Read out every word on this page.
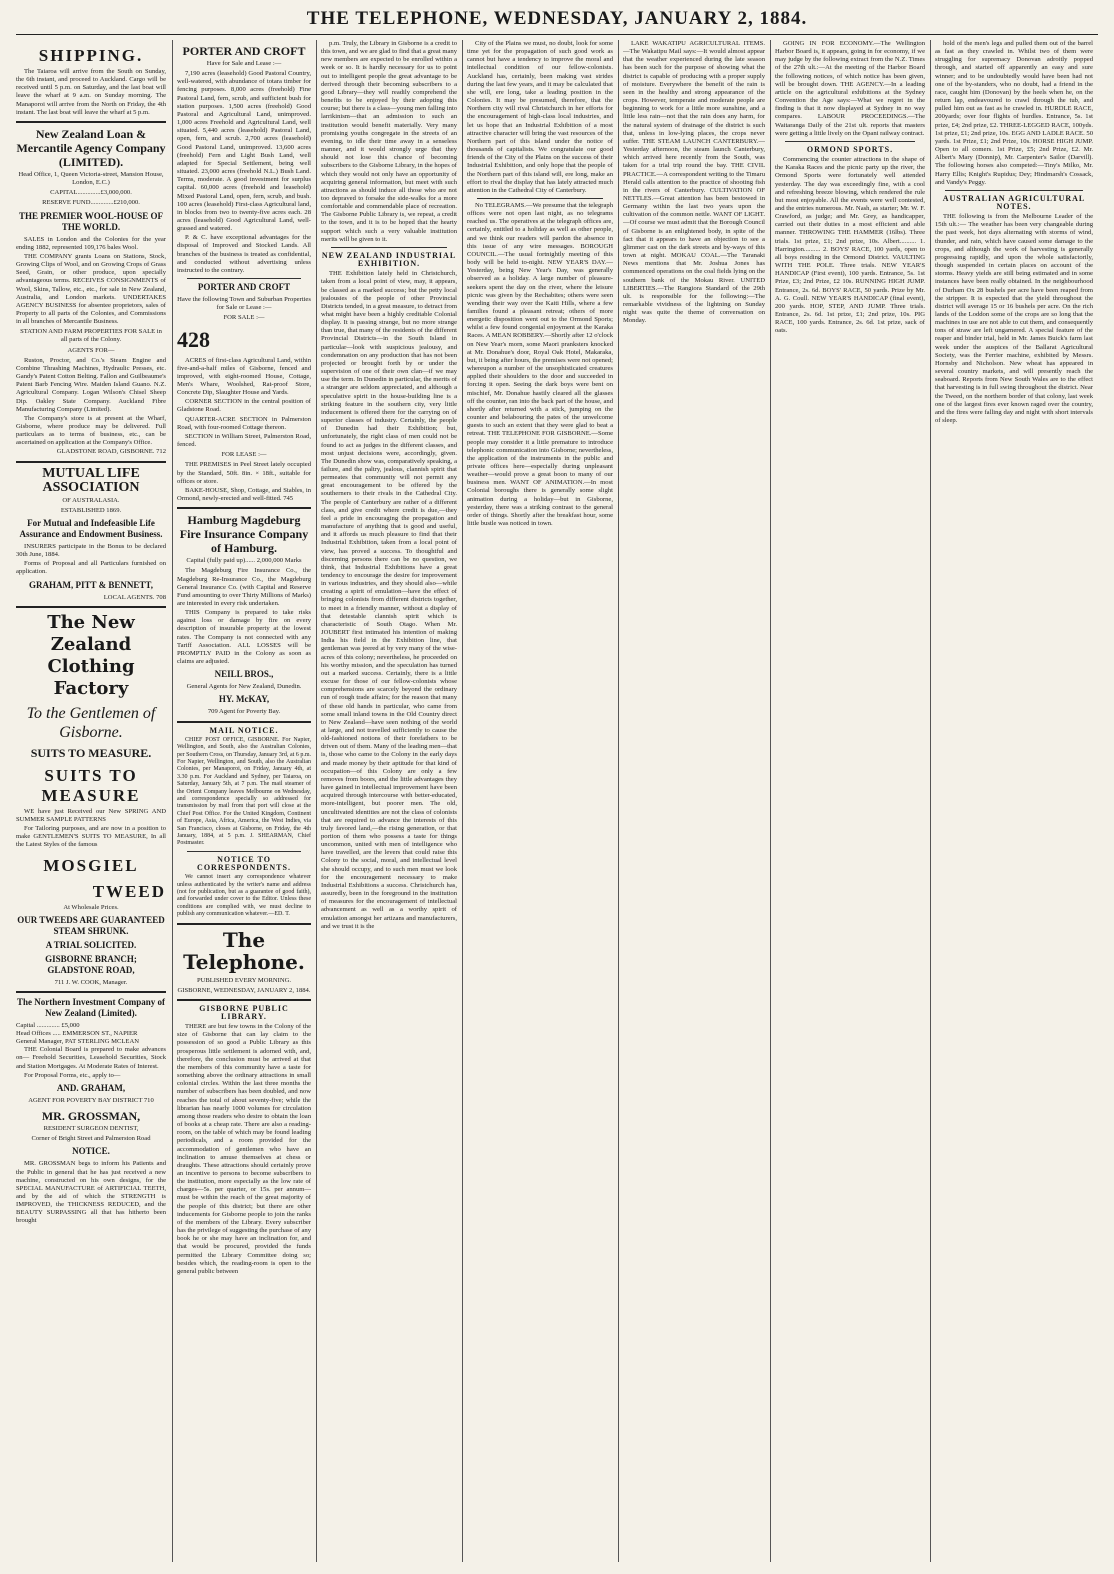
THE TELEPHONE, WEDNESDAY, JANUARY 2, 1884.
SHIPPING.

The Taiaroa will arrive from the South on Sunday, the 6th instant, and proceed to Auckland. Cargo will be received until 5 p.m. on Saturday, and the last boat will leave the wharf at 9 a.m. on Sunday morning. The Manaporoi will arrive from the North on Friday, the 4th instant. The last boat will leave the wharf at 5 p.m.

New Zealand Loan & Mercantile Agency Company (LIMITED).
Head Office, 1, Queen Victoria-street, Mansion House, London, E.C.)
CAPITAL..............£3,000,000.
RESERVE FUND..............£210,000.
THE PREMIER WOOL-HOUSE OF THE WORLD.

SALES in London and the Colonies for the year ending 1882, represented 109,176 bales Wool.

THE COMPANY grants Loans on Stations, Stock, Growing Clips of Wool, and on Growing Crops of Grass Seed, Grain, or other produce, upon specially advantageous terms. RECEIVES CONSIGNMENTS of Wool, Skins, Tallow, etc., etc., for sale in New Zealand, Australia, and London markets. UNDERTAKES AGENCY BUSINESS for absentee proprietors, sales of Property to all parts of the Colonies, and Commissions in all branches of Mercantile Business.

STATION AND FARM PROPERTIES FOR SALE in all parts of the Colony.
AGENTS FOR—

Ruston, Proctor, and Co.'s Steam Engine and Combine Thrashing Machines, Hydraulic Presses, etc. Gandy's Patent Cotton Belting. Fallon and Guilbeaume's Patent Barb Fencing Wire. Maiden Island Guano. N.Z. Agricultural Company. Logan Wilson's Chisel Sheep Dip. Oakley State Company. Auckland Fibre Manufacturing Company (Limited).

The Company's store is at present at the Wharf, Gisborne, where produce may be delivered. Full particulars as to terms of business, etc., can be ascertained on application at the Company's Office.

GLADSTONE ROAD, GISBORNE. 712
MUTUAL LIFE ASSOCIATION
OF AUSTRALASIA.
ESTABLISHED 1869.
For Mutual and Indefeasible Life Assurance and Endowment Business.

INSURERS participate in the Bonus to be declared 30th June, 1884.

Forms of Proposal and all Particulars furnished on application.

GRAHAM, PITT & BENNETT,
LOCAL AGENTS. 708
The New Zealand Clothing Factory
To the Gentlemen of Gisborne.
SUITS TO MEASURE.
SUITS TO MEASURE

WE have just Received our New SPRING AND SUMMER SAMPLE PATTERNS

For Tailoring purposes, and are now in a position to make GENTLEMEN'S SUITS TO MEASURE, In all the Latest Styles of the famous

MOSGIEL
TWEED
At Wholesale Prices.
OUR TWEEDS ARE GUARANTEED STEAM SHRUNK.
A TRIAL SOLICITED.
GISBORNE BRANCH; GLADSTONE ROAD,
711 J. W. COOK, Manager.
The Northern Investment Company of New Zealand (Limited).
Capital .............. £5,000
Head Offices ..... EMMERSON ST., NAPIER
General Manager, PAT STERLING MCLEAN

THE Colonial Board is prepared to make advances on— Freehold Securities, Leasehold Securities, Stock and Station Mortgages. At Moderate Rates of Interest.

For Proposal Forms, etc., apply to—

AND. GRAHAM,
AGENT FOR POVERTY BAY DISTRICT 710
MR. GROSSMAN,
RESIDENT SURGEON DENTIST,
Corner of Bright Street and Palmerston Road
NOTICE.

MR. GROSSMAN begs to inform his Patients and the Public in general that he has just received a new machine, constructed on his own designs, for the SPECIAL MANUFACTURE of ARTIFICIAL TEETH, and by the aid of which the STRENGTH is IMPROVED, the THICKNESS REDUCED, and the BEAUTY SURPASSING all that has hitherto been brought

PORTER AND CROFT
Have for Sale and Lease :—

7,190 acres (leasehold) Good Pastoral Country, well-watered, with abundance of totara timber for fencing purposes. 8,000 acres (freehold) Fine Pastoral Land, fern, scrub, and sufficient bush for station purposes. 1,500 acres (freehold) Good Pastoral and Agricultural Land, unimproved. 1,000 acres Freehold and Agricultural Land, well situated. 5,440 acres (leasehold) Pastoral Land, open, fern, and scrub. 2,700 acres (leasehold) Good Pastoral Land, unimproved. 13,600 acres (freehold) Fern and Light Bush Land, well adapted for Special Settlement, being well situated. 23,000 acres (freehold N.L.) Bush Land. Terms, moderate. A good investment for surplus capital. 60,000 acres (freehold and leasehold) Mixed Pastoral Land, open, fern, scrub, and bush. 100 acres (leasehold) First-class Agricultural land, in blocks from two to twenty-five acres each. 28 acres (leasehold) Good Agricultural Land, well-grassed and watered.

P. & C. have exceptional advantages for the disposal of Improved and Stocked Lands. All branches of the business is treated as confidential, and conducted without advertising unless instructed to the contrary.

PORTER AND CROFT
Have the following Town and Suburban Properties for Sale or Lease :—
FOR SALE :—
428

ACRES of first-class Agricultural Land, within five-and-a-half miles of Gisborne, fenced and improved, with eight-roomed House, Cottage, Men's Whare, Woolshed, Rat-proof Store, Concrete Dip, Slaughter House and Yards.

CORNER SECTION in the central position of Gladstone Road.

QUARTER-ACRE SECTION in Palmerston Road, with four-roomed Cottage thereon.

SECTION in William Street, Palmerston Road, fenced.

FOR LEASE :—

THE PREMISES in Peel Street lately occupied by the Standard, 50ft. 8in. × 18ft., suitable for offices or store.

BAKE-HOUSE, Shop, Cottage, and Stables, in Ormond, newly-erected and well-fitted. 745

Hamburg Magdeburg Fire Insurance Company of Hamburg.
Capital (fully paid up)...... 2,000,000 Marks

The Magdeburg Fire Insurance Co., the Magdeburg Re-Insurance Co., the Magdeburg General Insurance Co. (with Capital and Reserve Fund amounting to over Thirty Millions of Marks) are interested in every risk undertaken.

THIS Company is prepared to take risks against loss or damage by fire on every description of insurable property at the lowest rates. The Company is not connected with any Tariff Association. ALL LOSSES will be PROMPTLY PAID in the Colony as soon as claims are adjusted.

NEILL BROS.,
General Agents for New Zealand, Dunedin.
HY. McKAY,
709 Agent for Poverty Bay.
MAIL NOTICE.

CHIEF POST OFFICE, GISBORNE. For Napier, Wellington, and South, also the Australian Colonies, per Southern Cross, on Thursday, January 3rd, at 6 p.m. For Napier, Wellington, and South, also the Australian Colonies, per Manaporoi, on Friday, January 4th, at 3.30 p.m. For Auckland and Sydney, per Taiaroa, on Saturday, January 5th, at 7 p.m. The mail steamer of the Orient Company leaves Melbourne on Wednesday, and correspondence specially so addressed for transmission by mail from that port will close at the Chief Post Office. For the United Kingdom, Continent of Europe, Asia, Africa, America, the West Indies, via San Francisco, closes at Gisborne, on Friday, the 4th January, 1884, at 5 p.m. J. SHEARMAN, Chief Postmaster.

NOTICE TO CORRESPONDENTS.

We cannot insert any correspondence whatever unless authenticated by the writer's name and address (not for publication, but as a guarantee of good faith), and forwarded under cover to the Editor. Unless these conditions are complied with, we must decline to publish any communication whatever.—ED. T.

The Telephone.
PUBLISHED EVERY MORNING.
GISBORNE, WEDNESDAY, JANUARY 2, 1884.
GISBORNE PUBLIC LIBRARY.

THERE are but few towns in the Colony of the size of Gisborne that can lay claim to the possession of so good a Public Library as this prosperous little settlement is adorned with, and, therefore, the conclusion must be arrived at that the members of this community have a taste for something above the ordinary attractions in small colonial circles. Within the last three months the number of subscribers has been doubled, and now reaches the total of about seventy-five; while the librarian has nearly 1000 volumes for circulation among those readers who desire to obtain the loan of books at a cheap rate. There are also a reading-room, on the table of which may be found leading periodicals, and a room provided for the accommodation of gentlemen who have an inclination to amuse themselves at chess or draughts. These attractions should certainly prove an incentive to persons to become subscribers to the institution, more especially as the low rate of charges—5s. per quarter, or 15s. per annum—must be within the reach of the great majority of the people of this district; but there are other inducements for Gisborne people to join the ranks of the members of the Library. Every subscriber has the privilege of suggesting the purchase of any book he or she may have an inclination for, and that would be procured, provided the funds permitted the Library Committee doing so; besides which, the reading-room is open to the general public between

p.m. Truly, the Library in Gisborne is a credit to this town, and we are glad to find that a great many new members are expected to be enrolled within a week or so. It is hardly necessary for us to point out to intelligent people the great advantage to be derived through their becoming subscribers to a good Library—they will readily comprehend the benefits to be enjoyed by their adopting this course; but there is a class—young men falling into larrikinism—that an admission to such an institution would benefit materially. Very many promising youths congregate in the streets of an evening, to idle their time away in a senseless manner, and it would strongly urge that they should not lose this chance of becoming subscribers to the Gisborne Library, in the hopes of which they would not only have an opportunity of acquiring general information, but meet with such attractions as should induce all those who are not too depraved to forsake the side-walks for a more comfortable and commendable place of recreation. The Gisborne Public Library is, we repeat, a credit to the town, and it is to be hoped that the hearty support which such a very valuable institution merits will be given to it.

NEW ZEALAND INDUSTRIAL EXHIBITION.

THE Exhibition lately held in Christchurch, taken from a local point of view, may, it appears, be classed as a marked success; but the petty local jealousies of the people of other Provincial Districts tended, in a great measure, to detract from what might have been a highly creditable Colonial display. It is passing strange, but no more strange than true, that many of the residents of the different Provincial Districts—in the South Island in particular—look with suspicious jealousy, and condemnation on any production that has not been projected or brought forth by or under the supervision of one of their own clan—if we may use the term. In Dunedin in particular, the merits of a stranger are seldom appreciated, and although a speculative spirit in the house-building line is a striking feature in the southern city, very little inducement is offered there for the carrying on of superior classes of industry. Certainly, the people of Dunedin had their Exhibition; but, unfortunately, the right class of men could not be found to act as judges in the different classes, and most unjust decisions were, accordingly, given. The Dunedin show was, comparatively speaking, a failure, and the paltry, jealous, clannish spirit that permeates that community will not permit any great encouragement to be offered by the southerners to their rivals in the Cathedral City. The people of Canterbury are rather of a different class, and give credit where credit is due,—they feel a pride in encouraging the propagation and manufacture of anything that is good and useful, and it affords us much pleasure to find that their Industrial Exhibition, taken from a local point of view, has proved a success. To thoughtful and discerning persons there can be no question, we think, that Industrial Exhibitions have a great tendency to encourage the desire for improvement in various industries, and they should also—while creating a spirit of emulation—have the effect of bringing colonists from different districts together, to meet in a friendly manner, without a display of that detestable clannish spirit which is characteristic of South Otago. When Mr. JOUBERT first intimated his intention of making India his field in the Exhibition line, that gentleman was jeered at by very many of the wise-acres of this colony; nevertheless, he proceeded on his worthy mission, and the speculation has turned out a marked success. Certainly, there is a little excuse for those of our fellow-colonists whose comprehensions are scarcely beyond the ordinary run of rough trade affairs; for the reason that many of these old hands in particular, who came from some small inland towns in the Old Country direct to New Zealand—have seen nothing of the world at large, and not travelled sufficiently to cause the old-fashioned notions of their forefathers to be driven out of them. Many of the leading men—that is, those who came to the Colony in the early days and made money by their aptitude for that kind of occupation—of this Colony are only a few removes from boors, and the little advantages they have gained in intellectual improvement have been acquired through intercourse with better-educated, more-intelligent, but poorer men. The old, uncultivated identities are not the class of colonists that are required to advance the interests of this truly favored land,—the rising generation, or that portion of them who possess a taste for things uncommon, united with men of intelligence who have travelled, are the levers that could raise this Colony to the social, moral, and intellectual level she should occupy, and to such men must we look for the encouragement necessary to make Industrial Exhibitions a success. Christchurch has, assuredly, been in the foreground in the institution of measures for the encouragement of intellectual advancement as well as a worthy spirit of emulation amongst her artizans and manufacturers, and we trust it is the

City of the Plains we must, no doubt, look for some time yet for the propagation of such good work as cannot but have a tendency to improve the moral and intellectual condition of our fellow-colonists. Auckland has, certainly, been making vast strides during the last few years, and it may be calculated that she will, ere long, take a leading position in the Colonies. It may be presumed, therefore, that the Northern city will rival Christchurch in her efforts for the encouragement of high-class local industries, and let us hope that an Industrial Exhibition of a most attractive character will bring the vast resources of the Northern part of this island under the notice of thousands of capitalists. We congratulate our good friends of the City of the Plains on the success of their Industrial Exhibition, and only hope that the people of the Northern part of this island will, ere long, make an effort to rival the display that has lately attracted much attention in the Cathedral City of Canterbury.

No TELEGRAMS.—We presume that the telegraph offices were not open last night, as no telegrams reached us. The operatives at the telegraph offices are, certainly, entitled to a holiday as well as other people, and we think our readers will pardon the absence in this issue of any wire messages. BOROUGH COUNCIL.—The usual fortnightly meeting of this body will be held to-night. NEW YEAR'S DAY.—Yesterday, being New Year's Day, was generally observed as a holiday. A large number of pleasure-seekers spent the day on the river, where the leisure picnic was given by the Rechabites; others were seen wending their way over the Kaiti Hills, where a few families found a pleasant retreat; others of more energetic disposition went out to the Ormond Sports; whilst a few found congenial enjoyment at the Karaka Races. A MEAN ROBBERY.—Shortly after 12 o'clock on New Year's morn, some Maori pranksters knocked at Mr. Donahue's door, Royal Oak Hotel, Makaraka, but, it being after hours, the premises were not opened; whereupon a number of the unsophisticated creatures applied their shoulders to the door and succeeded in forcing it open. Seeing the dark boys were bent on mischief, Mr. Donahue hastily cleared all the glasses off the counter, ran into the back part of the house, and shortly after returned with a stick, jumping on the counter and belabouring the pates of the unwelcome guests to such an extent that they were glad to beat a retreat. THE TELEPHONE FOR GISBORNE.—Some people may consider it a little premature to introduce telephonic communication into Gisborne; nevertheless, the application of the instruments in the public and private offices here—especially during unpleasant weather—would prove a great boon to many of our business men. WANT OF ANIMATION.—In most Colonial boroughs there is generally some slight animation during a holiday—but in Gisborne, yesterday, there was a striking contrast to the general order of things. Shortly after the breakfast hour, some little bustle was noticed in town.

LAKE WAKATIPU AGRICULTURAL ITEMS.—The Wakatipu Mail says:—It would almost appear that the weather experienced during the late season has been such for the purpose of showing what the district is capable of producing with a proper supply of moisture. Everywhere the benefit of the rain is seen in the healthy and strong appearance of the crops. However, temperate and moderate people are beginning to work for a little more sunshine, and a little less rain—not that the rain does any harm, for the natural system of drainage of the district is such that, unless in low-lying places, the crops never suffer. THE STEAM LAUNCH CANTERBURY.—Yesterday afternoon, the steam launch Canterbury, which arrived here recently from the South, was taken for a trial trip round the bay. THE CIVIL PRACTICE.—A correspondent writing to the Timaru Herald calls attention to the practice of shooting fish in the rivers of Canterbury. CULTIVATION OF NETTLES.—Great attention has been bestowed in Germany within the last two years upon the cultivation of the common nettle. WANT OF LIGHT.—Of course we must admit that the Borough Council of Gisborne is an enlightened body, in spite of the fact that it appears to have an objection to see a glimmer cast on the dark streets and by-ways of this town at night. MOKAU COAL.—The Taranaki News mentions that Mr. Joshua Jones has commenced operations on the coal fields lying on the southern bank of the Mokau River. UNITED LIBERTIES.—The Rangiora Standard of the 29th ult. is responsible for the following:—The remarkable vividness of the lightning on Sunday night was quite the theme of conversation on Monday.

GOING IN FOR ECONOMY.—The Wellington Harbor Board is, it appears, going in for economy, if we may judge by the following extract from the N.Z. Times of the 27th ult.:—At the meeting of the Harbor Board the following notices, of which notice has been given, will be brought down. THE AGENCY.—In a leading article on the agricultural exhibitions at the Sydney Convention the Age says:—What we regret in the finding is that it now displayed at Sydney in no way compares. LABOUR PROCEEDINGS.—The Waitaranga Daily of the 21st ult. reports that masters were getting a little lively on the Opani railway contract.

ORMOND SPORTS.

Commencing the counter attractions in the shape of the Karaka Races and the picnic party up the river, the Ormond Sports were fortunately well attended yesterday. The day was exceedingly fine, with a cool and refreshing breeze blowing, which rendered the rule but most enjoyable. All the events were well contested, and the entries numerous. Mr. Nash, as starter; Mr. W. F. Crawford, as judge; and Mr. Grey, as handicapper, carried out their duties in a most efficient and able manner. THROWING THE HAMMER (16lbs). Three trials. 1st prize, £1; 2nd prize, 10s. Albert.......... 1. Harrington.......... 2. BOYS' RACE, 100 yards, open to all boys residing in the Ormond District. VAULTING WITH THE POLE. Three trials. NEW YEAR'S HANDICAP (First event), 100 yards. Entrance, 5s. 1st Prize, £3; 2nd Prize, £2 10s. RUNNING HIGH JUMP. Entrance, 2s. 6d. BOYS' RACE, 50 yards. Prize by Mr. A. G. Coull. NEW YEAR'S HANDICAP (final event), 200 yards. HOP, STEP, AND JUMP. Three trials. Entrance, 2s. 6d. 1st prize, £1; 2nd prize, 10s. PIG RACE, 100 yards. Entrance, 2s. 6d. 1st prize, sack of oats.

hold of the men's legs and pulled them out of the barrel as fast as they crawled in. Whilst two of them were struggling for supremacy Donovan adroitly popped through, and started off apparently an easy and sure winner; and to be undoubtedly would have been had not one of the by-standers, who no doubt, had a friend in the race, caught him (Donovan) by the heels when he, on the return lap, endeavoured to crawl through the tub, and pulled him out as fast as he crawled in. HURDLE RACE, 200yards; over four flights of hurdles. Entrance, 5s. 1st prize, £4; 2nd prize, £2. THREE-LEGGED RACE, 100yds. 1st prize, £1; 2nd prize, 10s. EGG AND LADLE RACE. 50 yards. 1st Prize, £1; 2nd Prize, 10s. HORSE HIGH JUMP. Open to all comers. 1st Prize, £5; 2nd Prize, £2. Mr. Albert's Mary (Donnip), Mr. Carpenter's Sailor (Darvill). The following horses also competed:—Tiny's Milko, Mr. Harry Ellis; Knight's Rupidus; Dey; Hindmarsh's Cossack, and Vandy's Peggy.

AUSTRALIAN AGRICULTURAL NOTES.

THE following is from the Melbourne Leader of the 15th ult.:— The weather has been very changeable during the past week, hot days alternating with storms of wind, thunder, and rain, which have caused some damage to the crops, and although the work of harvesting is generally progressing rapidly, and upon the whole satisfactorily, though suspended in certain places on account of the storms. Heavy yields are still being estimated and in some instances have been really obtained. In the neighbourhood of Durham Ox 28 bushels per acre have been reaped from the stripper. It is expected that the yield throughout the district will average 15 or 16 bushels per acre. On the rich lands of the Loddon some of the crops are so long that the machines in use are not able to cut them, and consequently tons of straw are left ungarnered. A special feature of the reaper and binder trial, held in Mr. James Buick's farm last week under the auspices of the Ballarat Agricultural Society, was the Ferrier machine, exhibited by Messrs. Hornsby and Nicholson. New wheat has appeared in several country markets, and will presently reach the seaboard. Reports from New South Wales are to the effect that harvesting is in full swing throughout the district. Near the Tweed, on the northern border of that colony, last week one of the largest fires ever known raged over the country, and the fires were falling day and night with short intervals of sleep.
